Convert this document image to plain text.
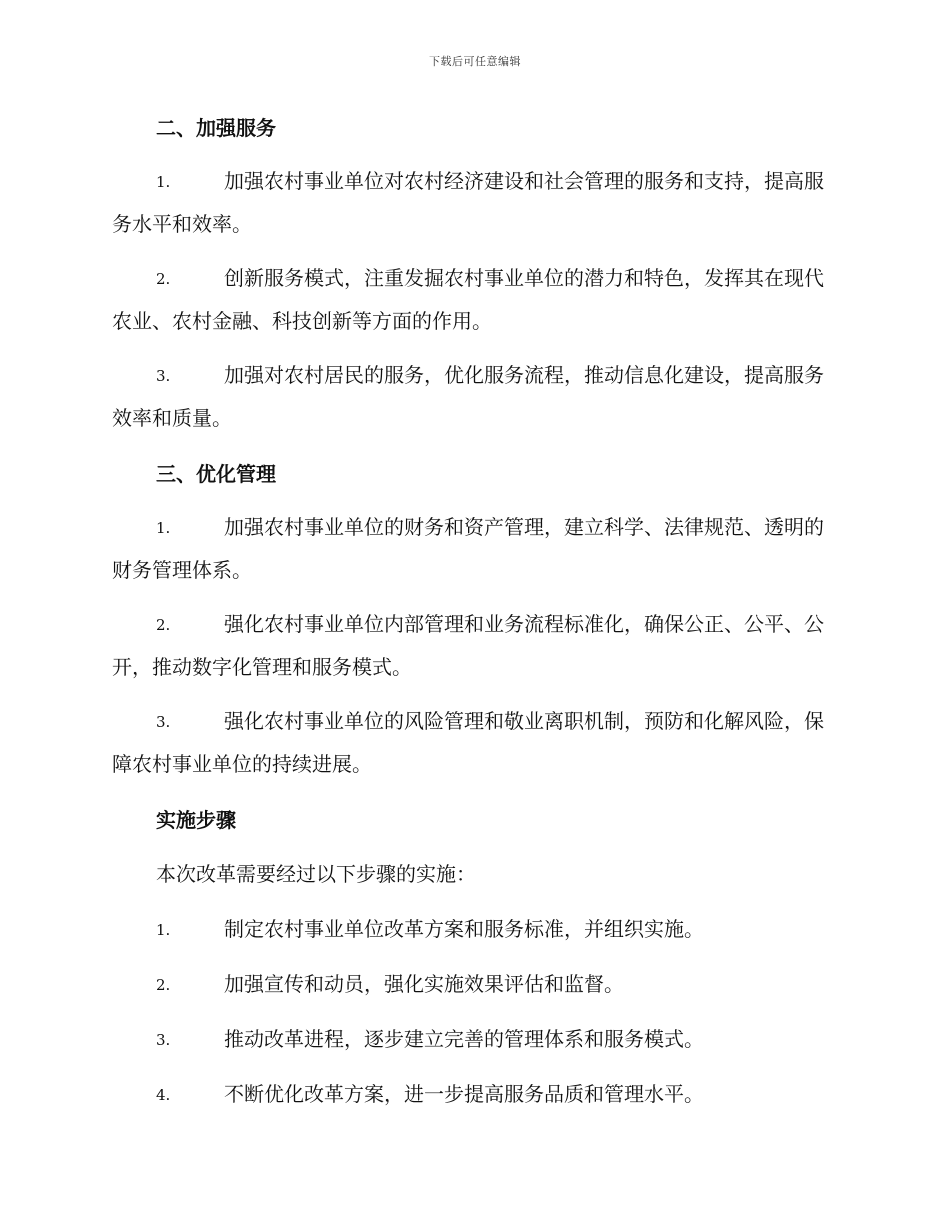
下载后可任意编辑
二、加强服务
1.	加强农村事业单位对农村经济建设和社会管理的服务和支持，提高服务水平和效率。
2.	创新服务模式，注重发掘农村事业单位的潜力和特色，发挥其在现代农业、农村金融、科技创新等方面的作用。
3.	加强对农村居民的服务，优化服务流程，推动信息化建设，提高服务效率和质量。
三、优化管理
1.	加强农村事业单位的财务和资产管理，建立科学、法律规范、透明的财务管理体系。
2.	强化农村事业单位内部管理和业务流程标准化，确保公正、公平、公开，推动数字化管理和服务模式。
3.	强化农村事业单位的风险管理和敬业离职机制，预防和化解风险，保障农村事业单位的持续进展。
实施步骤
本次改革需要经过以下步骤的实施：
1.	制定农村事业单位改革方案和服务标准，并组织实施。
2.	加强宣传和动员，强化实施效果评估和监督。
3.	推动改革进程，逐步建立完善的管理体系和服务模式。
4.	不断优化改革方案，进一步提高服务品质和管理水平。
